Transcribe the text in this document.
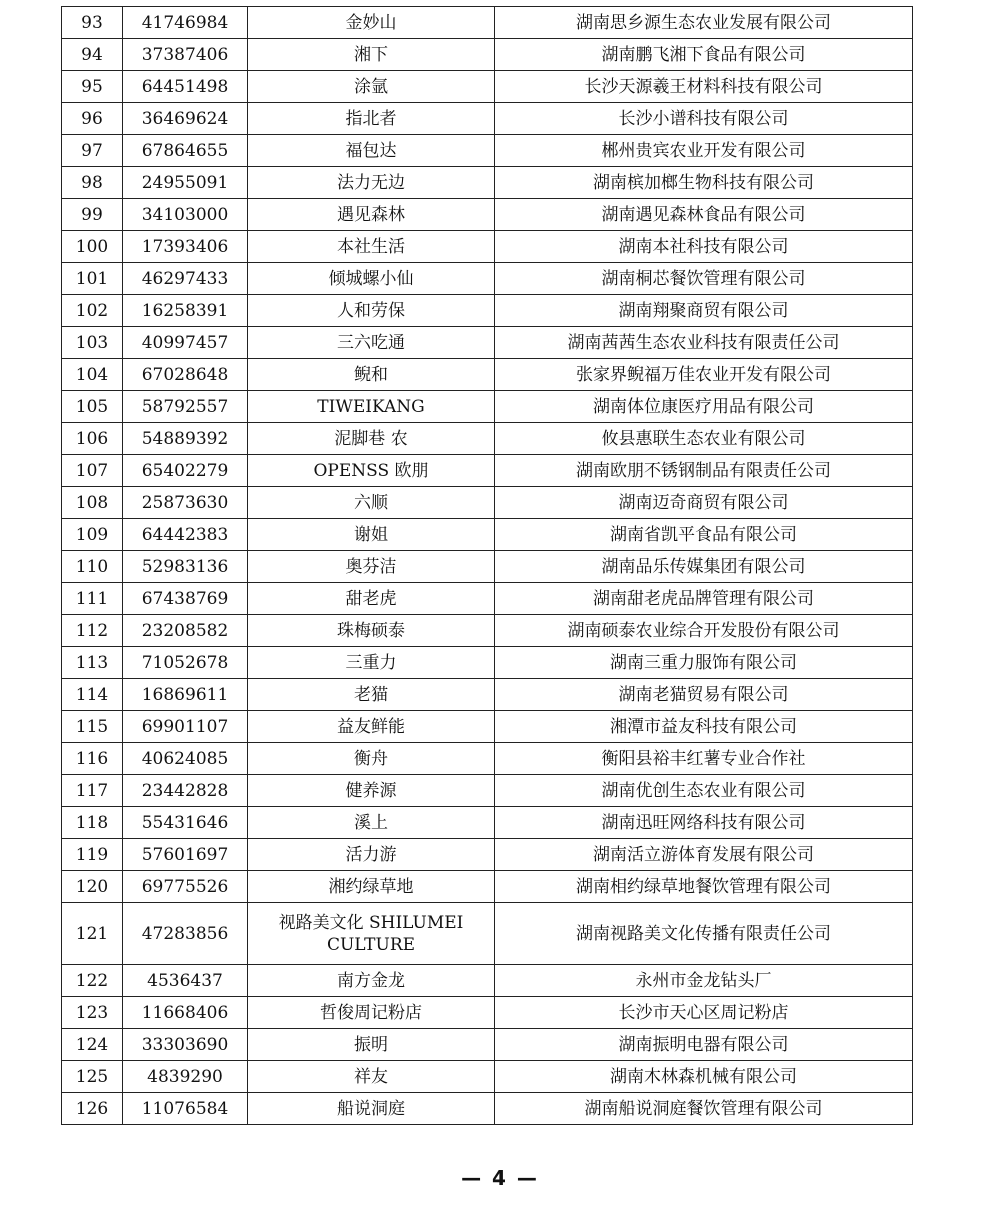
93	41746984	金妙山	湖南思乡源生态农业发展有限公司
94	37387406	湘下	湖南鹏飞湘下食品有限公司
95	64451498	涂氩	长沙天源羲王材料科技有限公司
96	36469624	指北者	长沙小谱科技有限公司
97	67864655	福包达	郴州贵宾农业开发有限公司
98	24955091	法力无边	湖南槟加榔生物科技有限公司
99	34103000	遇见森林	湖南遇见森林食品有限公司
100	17393406	本社生活	湖南本社科技有限公司
101	46297433	倾城螺小仙	湖南桐芯餐饮管理有限公司
102	16258391	人和劳保	湖南翔聚商贸有限公司
103	40997457	三六吃通	湖南茜茜生态农业科技有限责任公司
104	67028648	鲵和	张家界鲵福万佳农业开发有限公司
105	58792557	TIWEIKANG	湖南体位康医疗用品有限公司
106	54889392	泥脚巷 农	攸县惠联生态农业有限公司
107	65402279	OPENSS 欧朋	湖南欧朋不锈钢制品有限责任公司
108	25873630	六顺	湖南迈奇商贸有限公司
109	64442383	谢姐	湖南省凯平食品有限公司
110	52983136	奥芬洁	湖南品乐传媒集团有限公司
111	67438769	甜老虎	湖南甜老虎品牌管理有限公司
112	23208582	珠梅硕泰	湖南硕泰农业综合开发股份有限公司
113	71052678	三重力	湖南三重力服饰有限公司
114	16869611	老猫	湖南老猫贸易有限公司
115	69901107	益友鲜能	湘潭市益友科技有限公司
116	40624085	衡舟	衡阳县裕丰红薯专业合作社
117	23442828	健养源	湖南优创生态农业有限公司
118	55431646	溪上	湖南迅旺网络科技有限公司
119	57601697	活力游	湖南活立游体育发展有限公司
120	69775526	湘约绿草地	湖南相约绿草地餐饮管理有限公司
121	47283856	视路美文化 SHILUMEI CULTURE	湖南视路美文化传播有限责任公司
122	4536437	南方金龙	永州市金龙钻头厂
123	11668406	哲俊周记粉店	长沙市天心区周记粉店
124	33303690	振明	湖南振明电器有限公司
125	4839290	祥友	湖南木林森机械有限公司
126	11076584	船说洞庭	湖南船说洞庭餐饮管理有限公司
— 4 —
